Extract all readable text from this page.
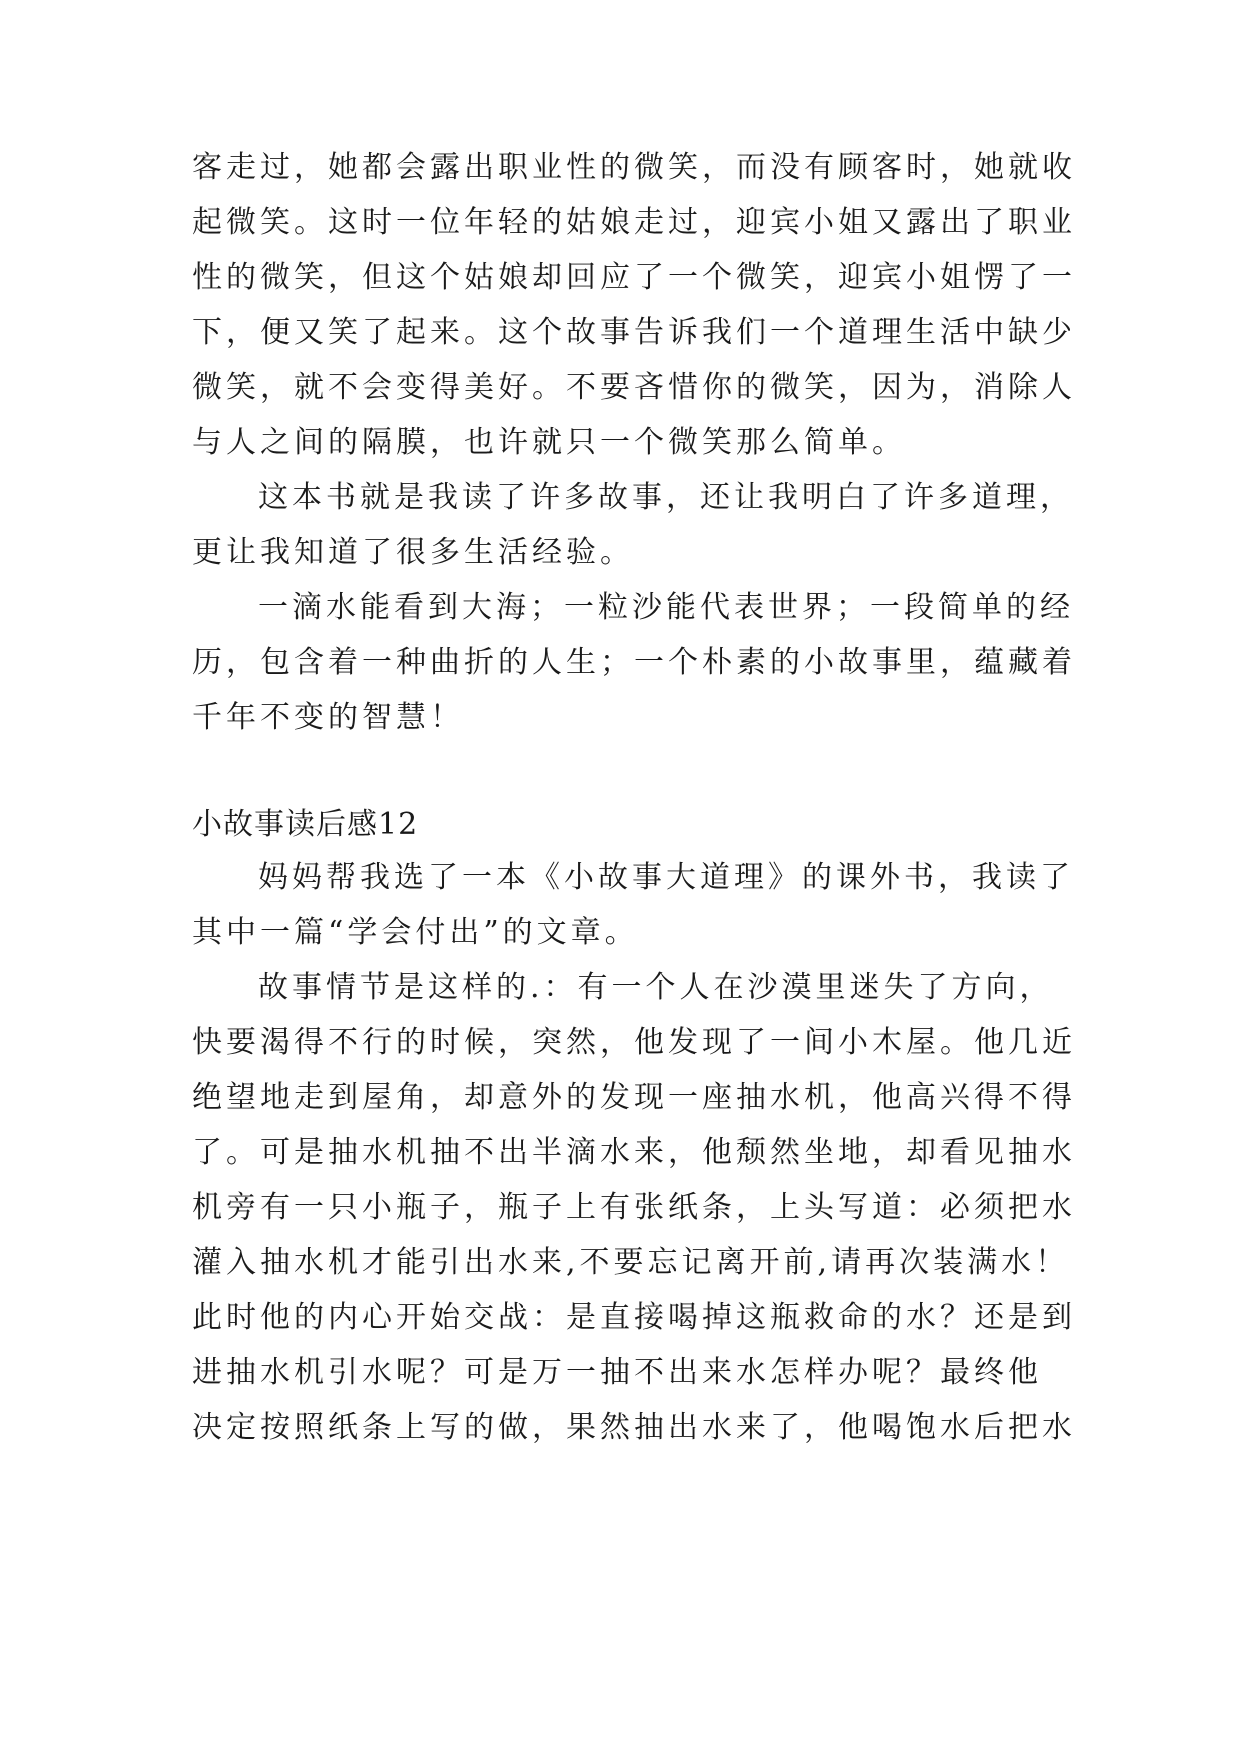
客走过，她都会露出职业性的微笑，而没有顾客时，她就收
起微笑。这时一位年轻的姑娘走过，迎宾小姐又露出了职业
性的微笑，但这个姑娘却回应了一个微笑，迎宾小姐愣了一
下，便又笑了起来。这个故事告诉我们一个道理生活中缺少
微笑，就不会变得美好。不要吝惜你的微笑，因为，消除人
与人之间的隔膜，也许就只一个微笑那么简单。
这本书就是我读了许多故事，还让我明白了许多道理，
更让我知道了很多生活经验。
一滴水能看到大海；一粒沙能代表世界；一段简单的经
历，包含着一种曲折的人生；一个朴素的小故事里，蕴藏着
千年不变的智慧！
小故事读后感12
妈妈帮我选了一本《小故事大道理》的课外书，我读了
其中一篇“学会付出”的文章。
故事情节是这样的.：有一个人在沙漠里迷失了方向，
快要渴得不行的时候，突然，他发现了一间小木屋。他几近
绝望地走到屋角，却意外的发现一座抽水机，他高兴得不得
了。可是抽水机抽不出半滴水来，他颓然坐地，却看见抽水
机旁有一只小瓶子，瓶子上有张纸条，上头写道：必须把水
灌入抽水机才能引出水来,不要忘记离开前,请再次装满水！
此时他的内心开始交战：是直接喝掉这瓶救命的水？还是到
进抽水机引水呢？可是万一抽不出来水怎样办呢？最终他
决定按照纸条上写的做，果然抽出水来了，他喝饱水后把水
